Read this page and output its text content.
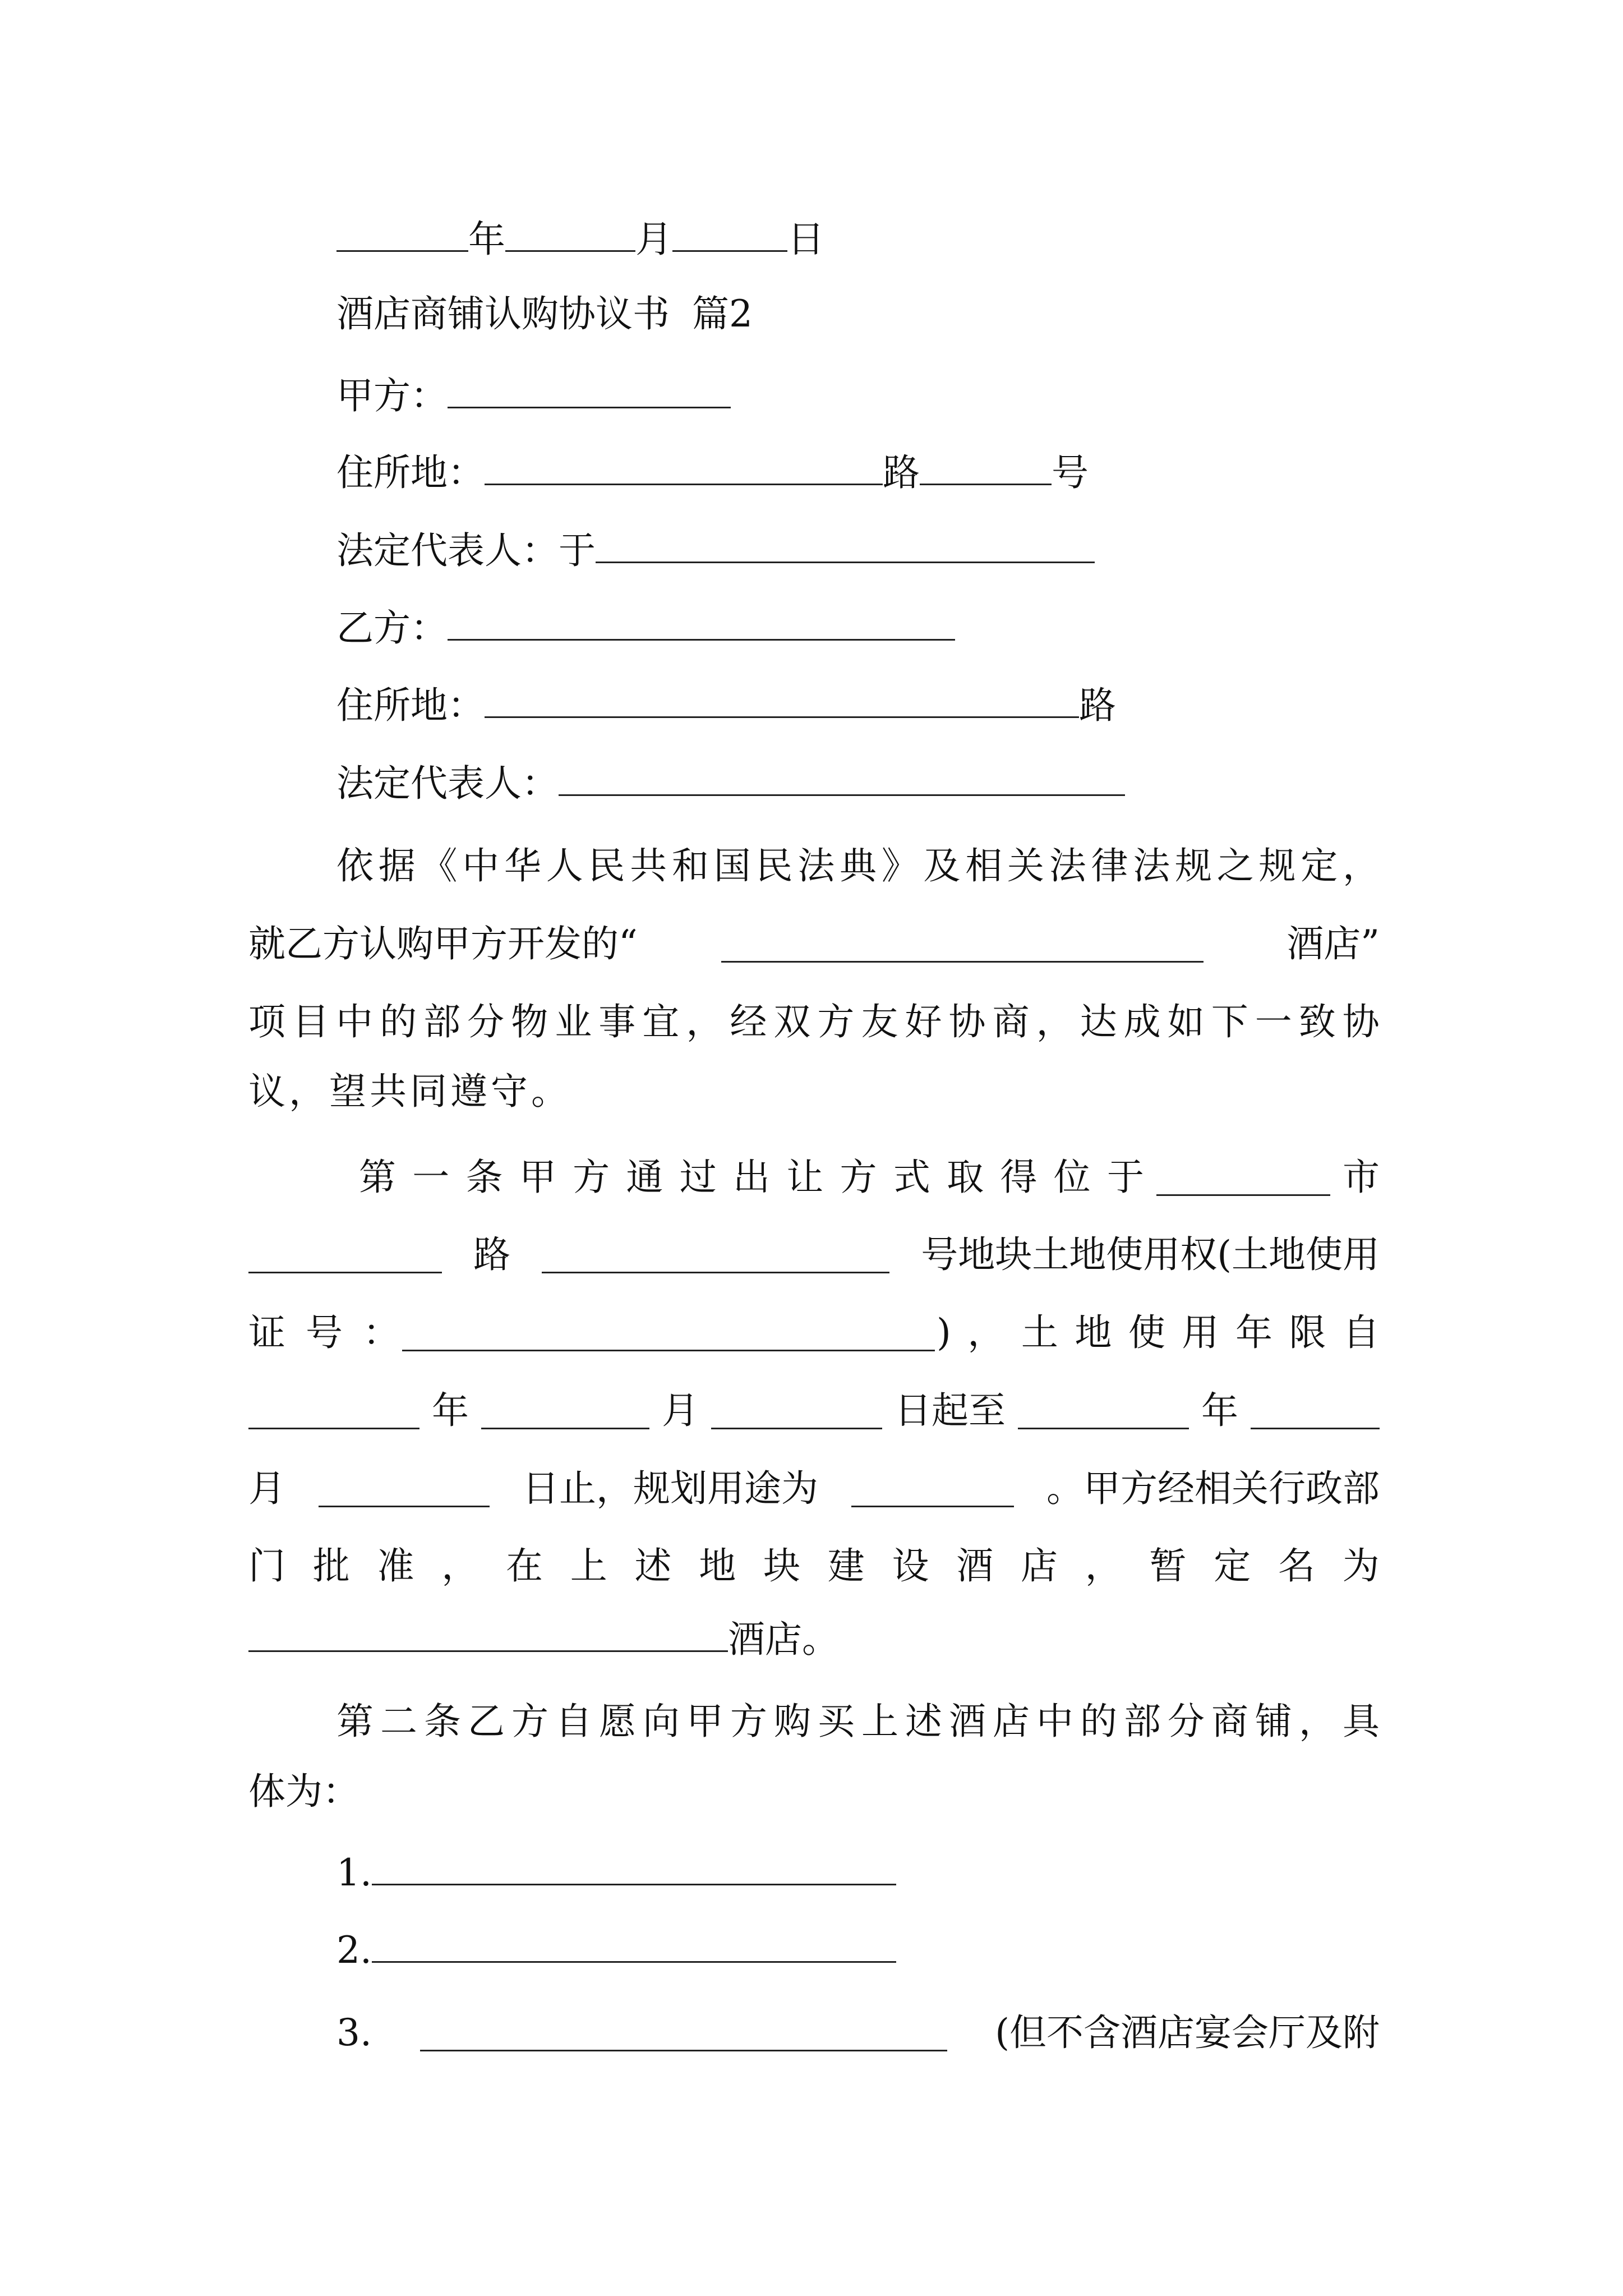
年	月	日
酒店商铺认购协议书 篇2
甲方：
住所地：	路	号
法定代表人：于
乙方：
住所地：	路
法定代表人：
依 据 《 中 华 人 民 共 和 国 民 法 典 》 及 相 关 法 律 法 规 之 规 定 ，
就乙方认购甲方开发的“	酒店”
项 目 中 的 部 分 物 业 事 宜 ， 经 双 方 友 好 协 商 ， 达 成 如 下 一 致 协
议，望共同遵守。
第 一 条 甲 方 通 过 出 让 方 式 取 得 位 于	市
路	号地块土地使用权(土地使用
证 号 ：	) ， 土 地 使 用 年 限 自
年	月	日起至	年
月	日止，规划用途为	。甲方经相关行政部
门 批 准 ， 在 上 述 地 块 建 设 酒 店 ， 暂 定 名 为
酒店。
第 二 条 乙 方 自 愿 向 甲 方 购 买 上 述 酒 店 中 的 部 分 商 铺 ， 具
体为：
1.
2.
3.	(但不含酒店宴会厅及附
